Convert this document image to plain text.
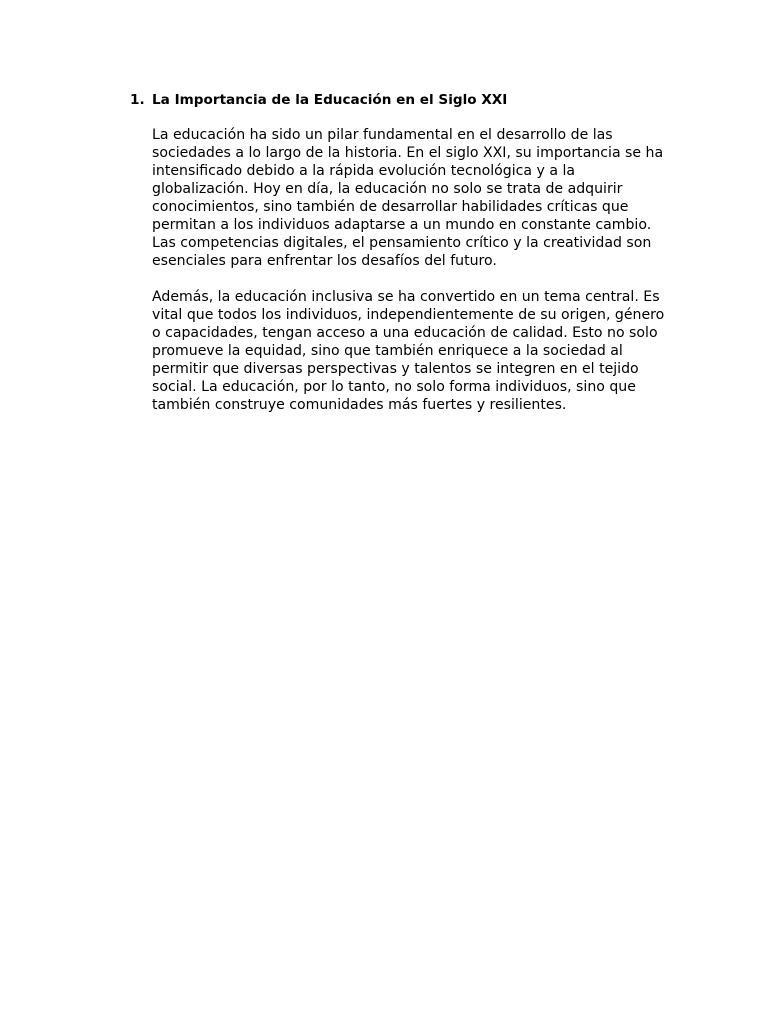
1. La Importancia de la Educación en el Siglo XXI
La educación ha sido un pilar fundamental en el desarrollo de las
sociedades a lo largo de la historia. En el siglo XXI, su importancia se ha
intensificado debido a la rápida evolución tecnológica y a la
globalización. Hoy en día, la educación no solo se trata de adquirir
conocimientos, sino también de desarrollar habilidades críticas que
permitan a los individuos adaptarse a un mundo en constante cambio.
Las competencias digitales, el pensamiento crítico y la creatividad son
esenciales para enfrentar los desafíos del futuro.
Además, la educación inclusiva se ha convertido en un tema central. Es
vital que todos los individuos, independientemente de su origen, género
o capacidades, tengan acceso a una educación de calidad. Esto no solo
promueve la equidad, sino que también enriquece a la sociedad al
permitir que diversas perspectivas y talentos se integren en el tejido
social. La educación, por lo tanto, no solo forma individuos, sino que
también construye comunidades más fuertes y resilientes.
